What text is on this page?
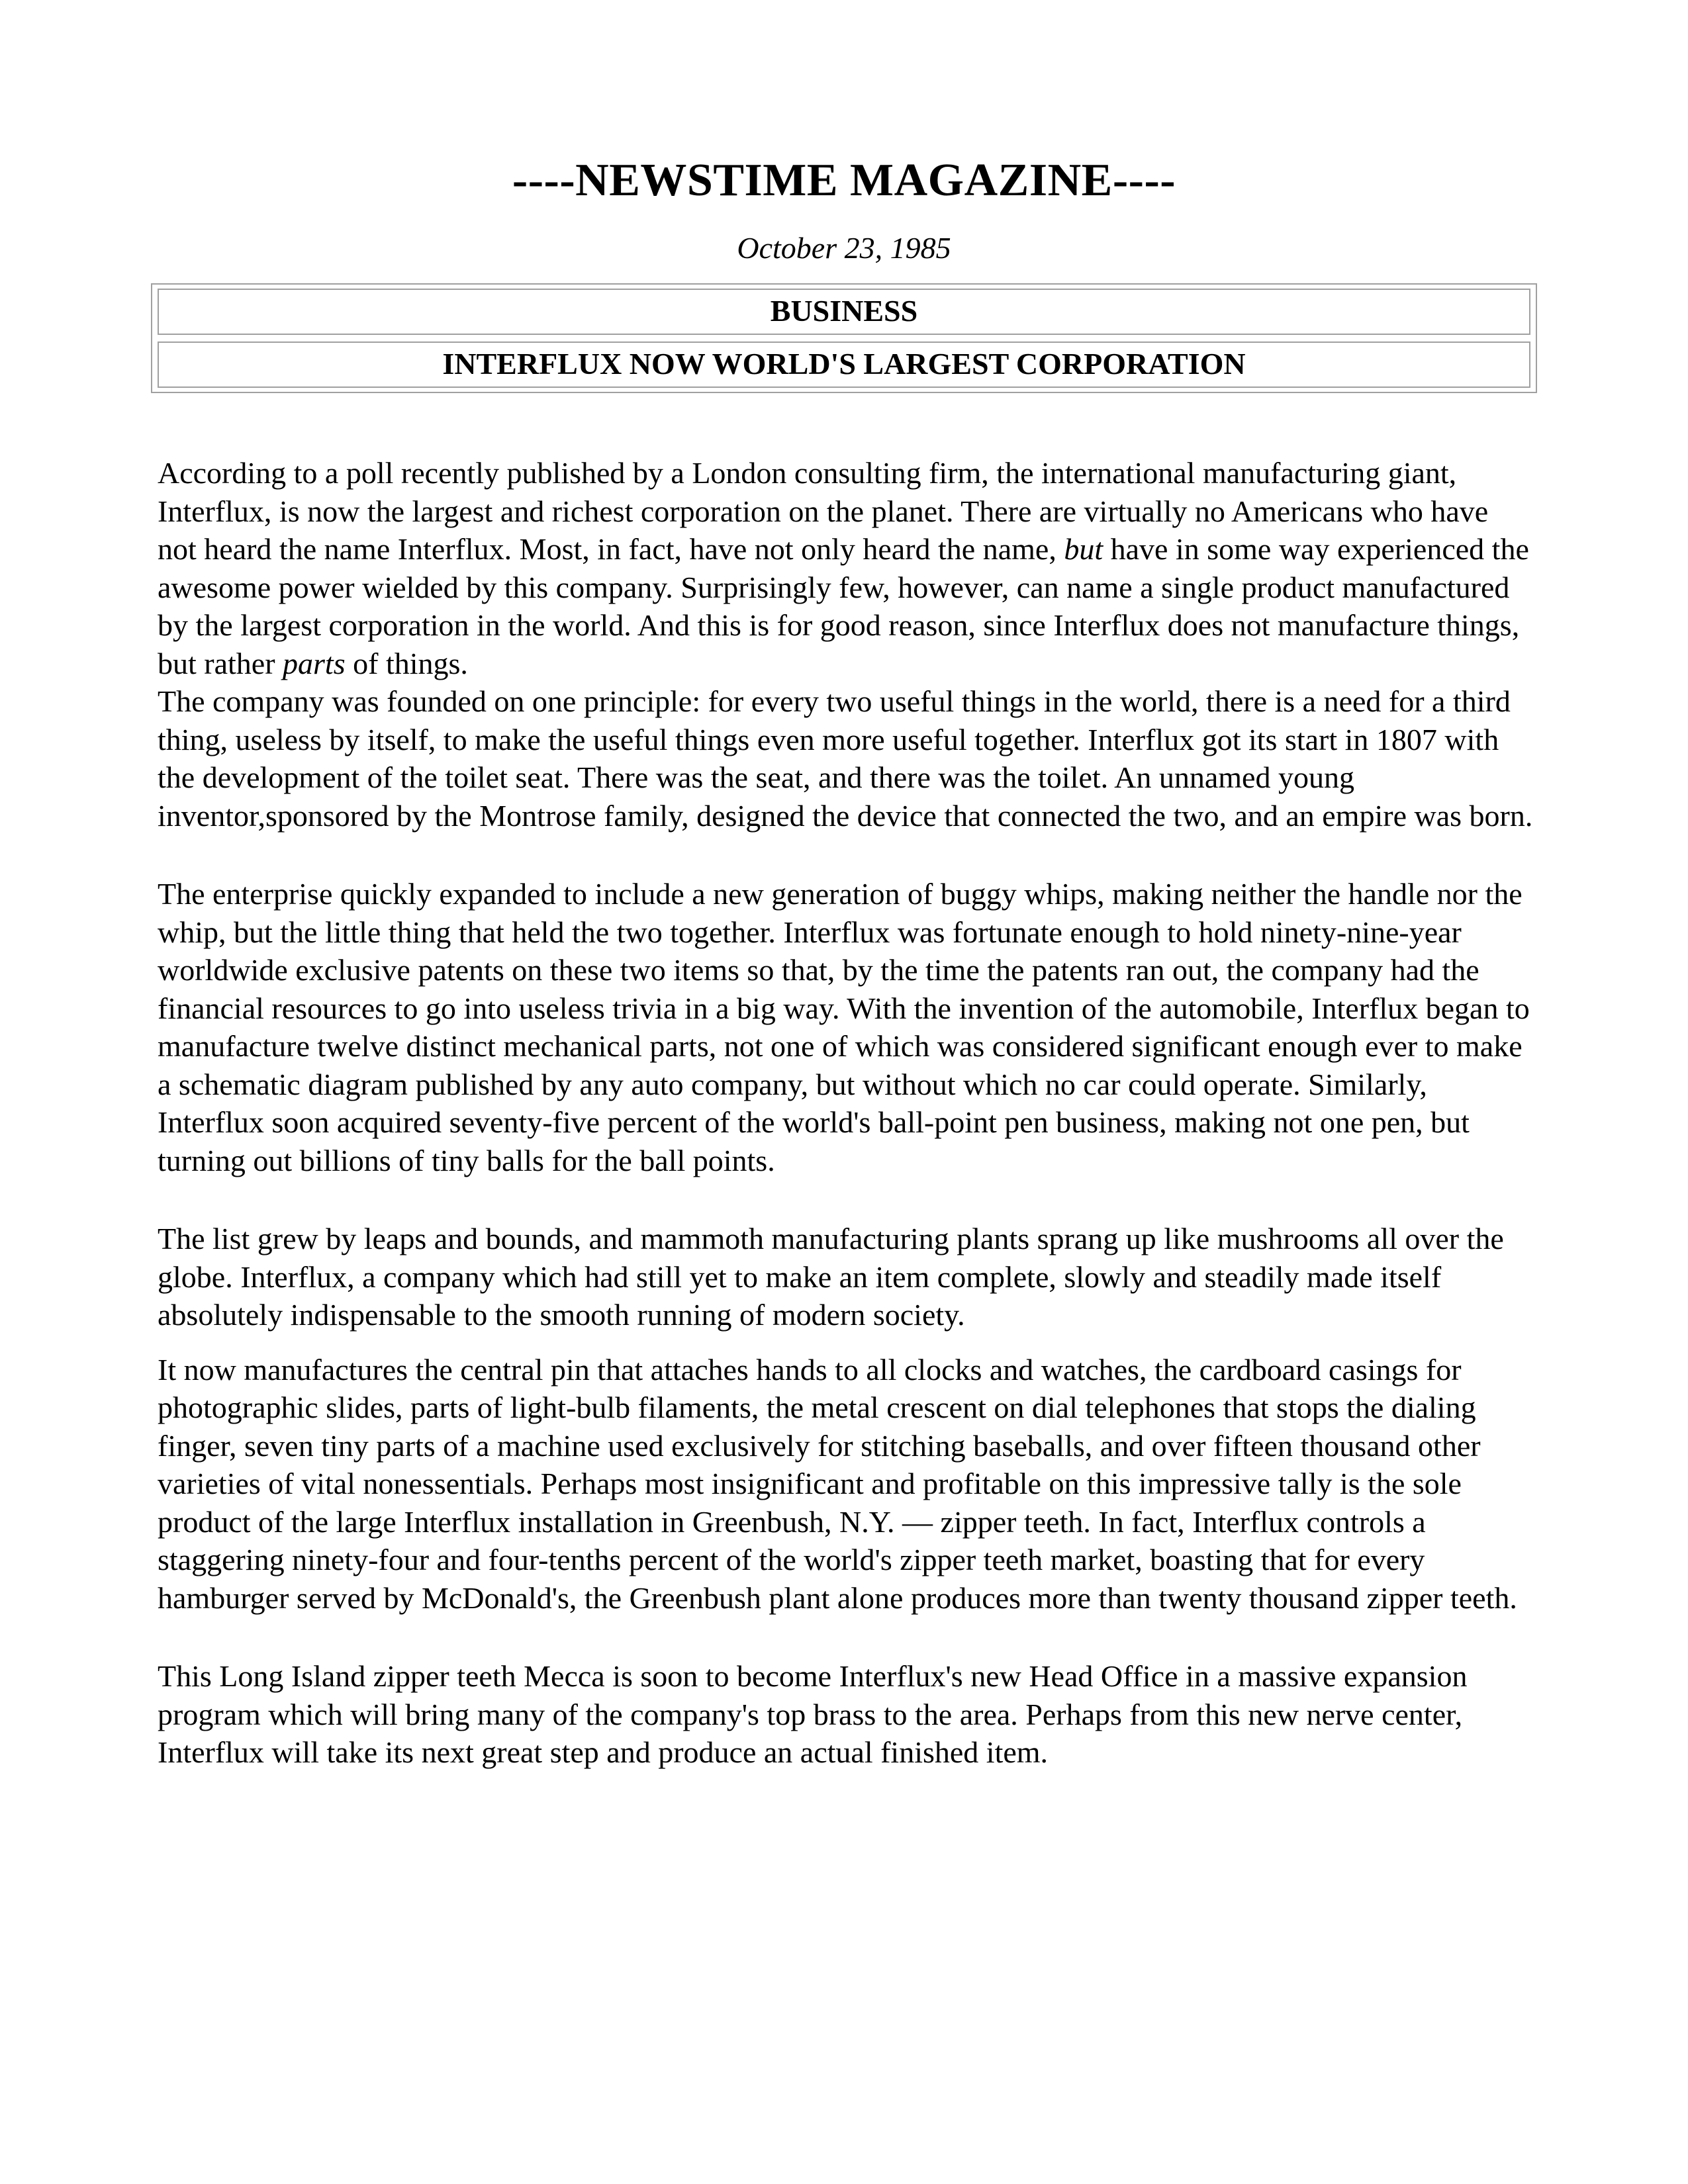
----NEWSTIME MAGAZINE----
October 23, 1985
BUSINESS
INTERFLUX NOW WORLD'S LARGEST CORPORATION

According to a poll recently published by a London consulting firm, the international manufacturing giant, Interflux, is now the largest and richest corporation on the planet. There are virtually no Americans who have not heard the name Interflux. Most, in fact, have not only heard the name, but have in some way experienced the awesome power wielded by this company. Surprisingly few, however, can name a single product manufactured by the largest corporation in the world. And this is for good reason, since Interflux does not manufacture things, but rather parts of things.

The company was founded on one principle: for every two useful things in the world, there is a need for a third thing, useless by itself, to make the useful things even more useful together. Interflux got its start in 1807 with the development of the toilet seat. There was the seat, and there was the toilet. An unnamed young inventor,sponsored by the Montrose family, designed the device that connected the two, and an empire was born.

The enterprise quickly expanded to include a new generation of buggy whips, making neither the handle nor the whip, but the little thing that held the two together. Interflux was fortunate enough to hold ninety-nine-year worldwide exclusive patents on these two items so that, by the time the patents ran out, the company had the financial resources to go into useless trivia in a big way. With the invention of the automobile, Interflux began to manufacture twelve distinct mechanical parts, not one of which was considered significant enough ever to make a schematic diagram published by any auto company, but without which no car could operate. Similarly, Interflux soon acquired seventy-five percent of the world's ball-point pen business, making not one pen, but turning out billions of tiny balls for the ball points.

The list grew by leaps and bounds, and mammoth manufacturing plants sprang up like mushrooms all over the globe. Interflux, a company which had still yet to make an item complete, slowly and steadily made itself absolutely indispensable to the smooth running of modern society.

It now manufactures the central pin that attaches hands to all clocks and watches, the cardboard casings for photographic slides, parts of light-bulb filaments, the metal crescent on dial telephones that stops the dialing finger, seven tiny parts of a machine used exclusively for stitching baseballs, and over fifteen thousand other varieties of vital nonessentials. Perhaps most insignificant and profitable on this impressive tally is the sole product of the large Interflux installation in Greenbush, N.Y. — zipper teeth. In fact, Interflux controls a staggering ninety-four and four-tenths percent of the world's zipper teeth market, boasting that for every hamburger served by McDonald's, the Greenbush plant alone produces more than twenty thousand zipper teeth.

This Long Island zipper teeth Mecca is soon to become Interflux's new Head Office in a massive expansion program which will bring many of the company's top brass to the area. Perhaps from this new nerve center, Interflux will take its next great step and produce an actual finished item.
